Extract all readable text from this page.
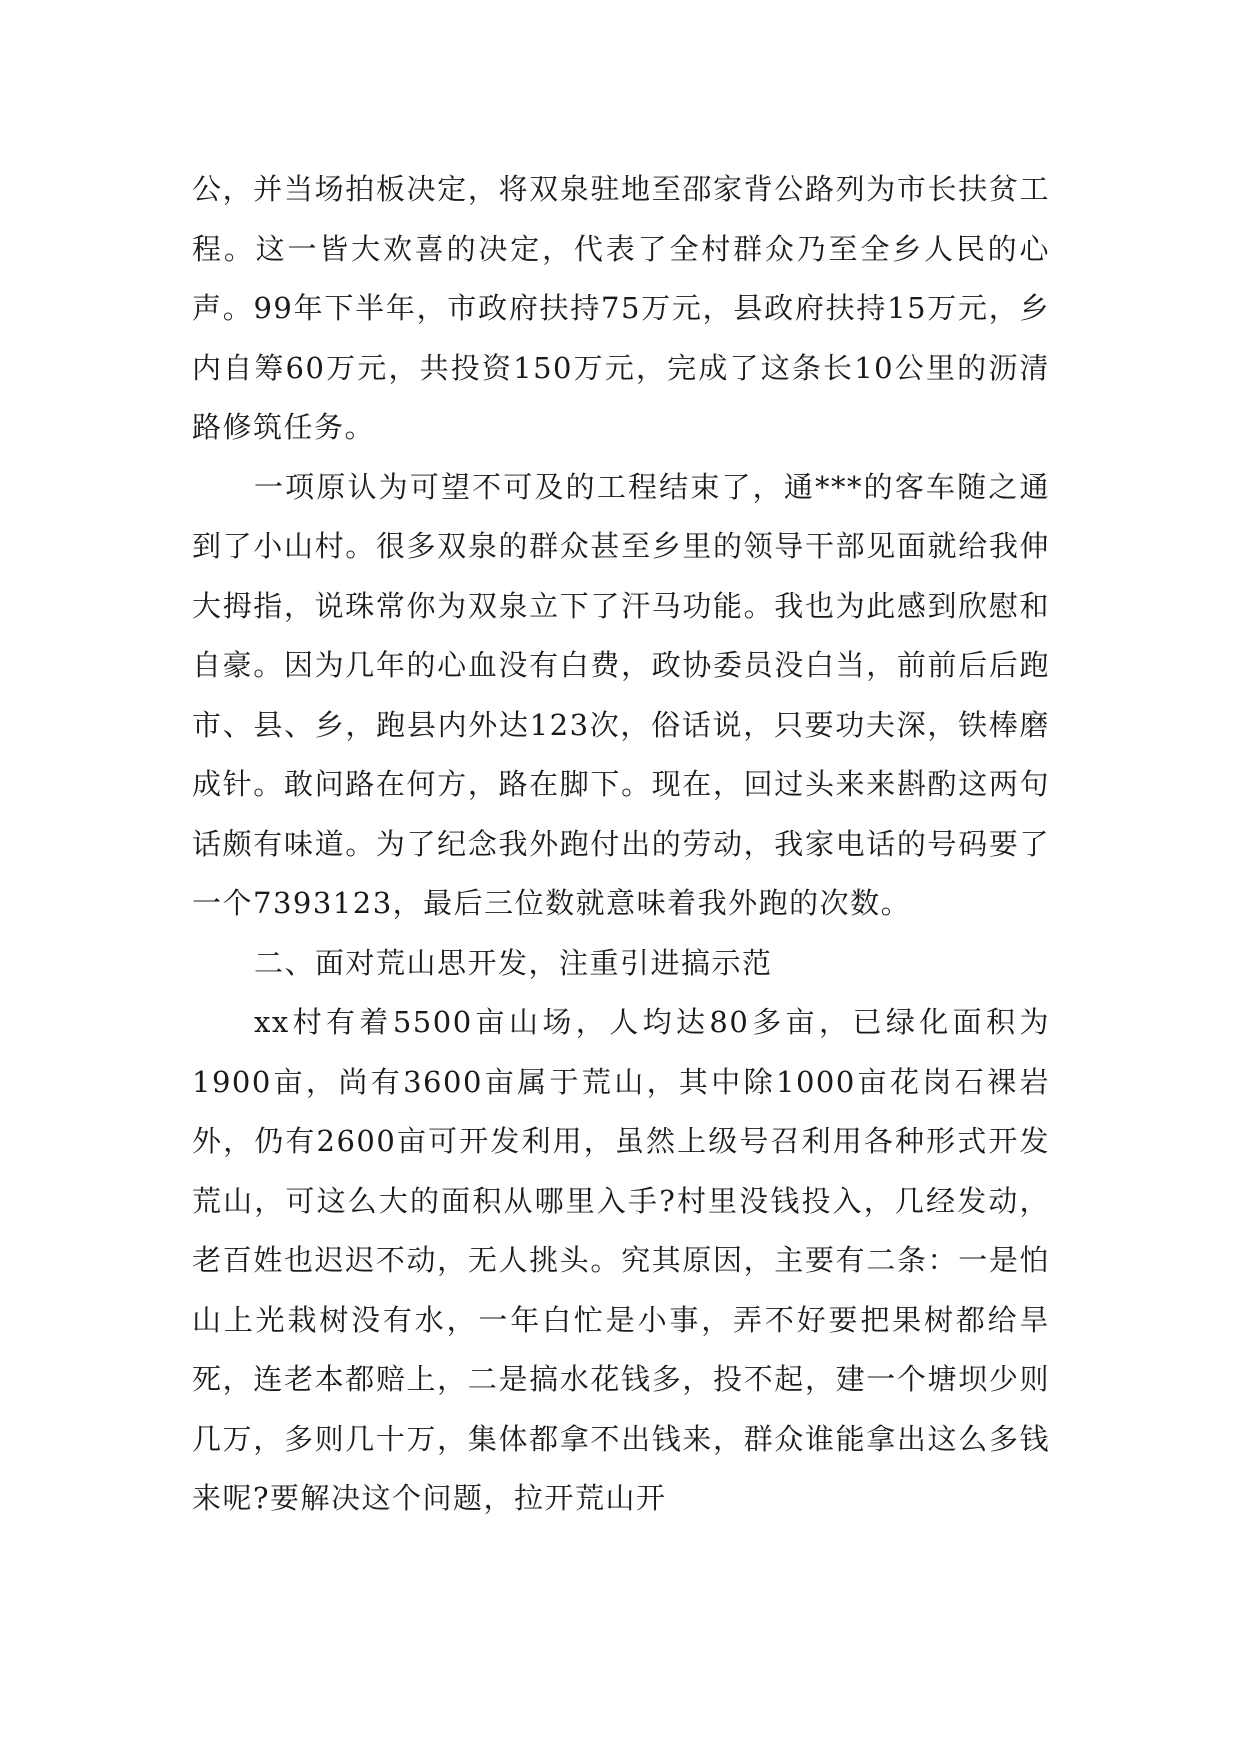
公，并当场拍板决定，将双泉驻地至邵家背公路列为市长扶贫工程。这一皆大欢喜的决定，代表了全村群众乃至全乡人民的心声。99年下半年，市政府扶持75万元，县政府扶持15万元，乡内自筹60万元，共投资150万元，完成了这条长10公里的沥清路修筑任务。

一项原认为可望不可及的工程结束了，通***的客车随之通到了小山村。很多双泉的群众甚至乡里的领导干部见面就给我伸大拇指，说珠常你为双泉立下了汗马功能。我也为此感到欣慰和自豪。因为几年的心血没有白费，政协委员没白当，前前后后跑市、县、乡，跑县内外达123次，俗话说，只要功夫深，铁棒磨成针。敢问路在何方，路在脚下。现在，回过头来来斟酌这两句话颇有味道。为了纪念我外跑付出的劳动，我家电话的号码要了一个7393123，最后三位数就意味着我外跑的次数。

二、面对荒山思开发，注重引进搞示范

xx村有着5500亩山场，人均达80多亩，已绿化面积为1900亩，尚有3600亩属于荒山，其中除1000亩花岗石裸岩外，仍有2600亩可开发利用，虽然上级号召利用各种形式开发荒山，可这么大的面积从哪里入手?村里没钱投入，几经发动，老百姓也迟迟不动，无人挑头。究其原因，主要有二条：一是怕山上光栽树没有水，一年白忙是小事，弄不好要把果树都给旱死，连老本都赔上，二是搞水花钱多，投不起，建一个塘坝少则几万，多则几十万，集体都拿不出钱来，群众谁能拿出这么多钱来呢?要解决这个问题，拉开荒山开
